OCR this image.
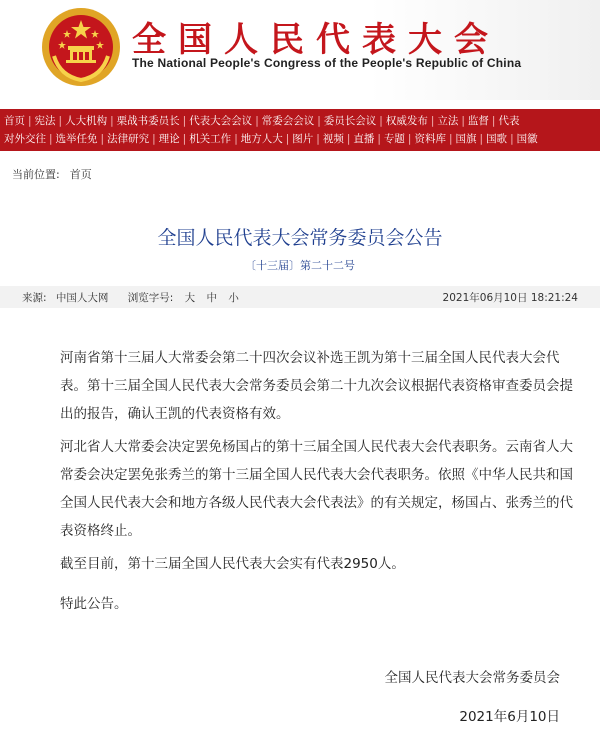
全国人民代表大会
The National People's Congress of the People's Republic of China
首页 | 宪法 | 人大机构 | 栗战书委员长 | 代表大会会议 | 常委会会议 | 委员长会议 | 权威发布 | 立法 | 监督 | 代表
对外交往 | 选举任免 | 法律研究 | 理论 | 机关工作 | 地方人大 | 图片 | 视频 | 直播 | 专题 | 资料库 | 国旗 | 国歌 | 国徽
当前位置: 首页
全国人民代表大会常务委员会公告
〔十三届〕第二十二号
来源: 中国人大网 浏览字号: 大 中 小	2021年06月10日 18:21:24
河南省第十三届人大常委会第二十四次会议补选王凯为第十三届全国人民代表大会代表。第十三届全国人民代表大会常务委员会第二十九次会议根据代表资格审查委员会提出的报告，确认王凯的代表资格有效。
河北省人大常委会决定罢免杨国占的第十三届全国人民代表大会代表职务。云南省人大常委会决定罢免张秀兰的第十三届全国人民代表大会代表职务。依照《中华人民共和国全国人民代表大会和地方各级人民代表大会代表法》的有关规定，杨国占、张秀兰的代表资格终止。
截至目前，第十三届全国人民代表大会实有代表2950人。
特此公告。
全国人民代表大会常务委员会
2021年6月10日
